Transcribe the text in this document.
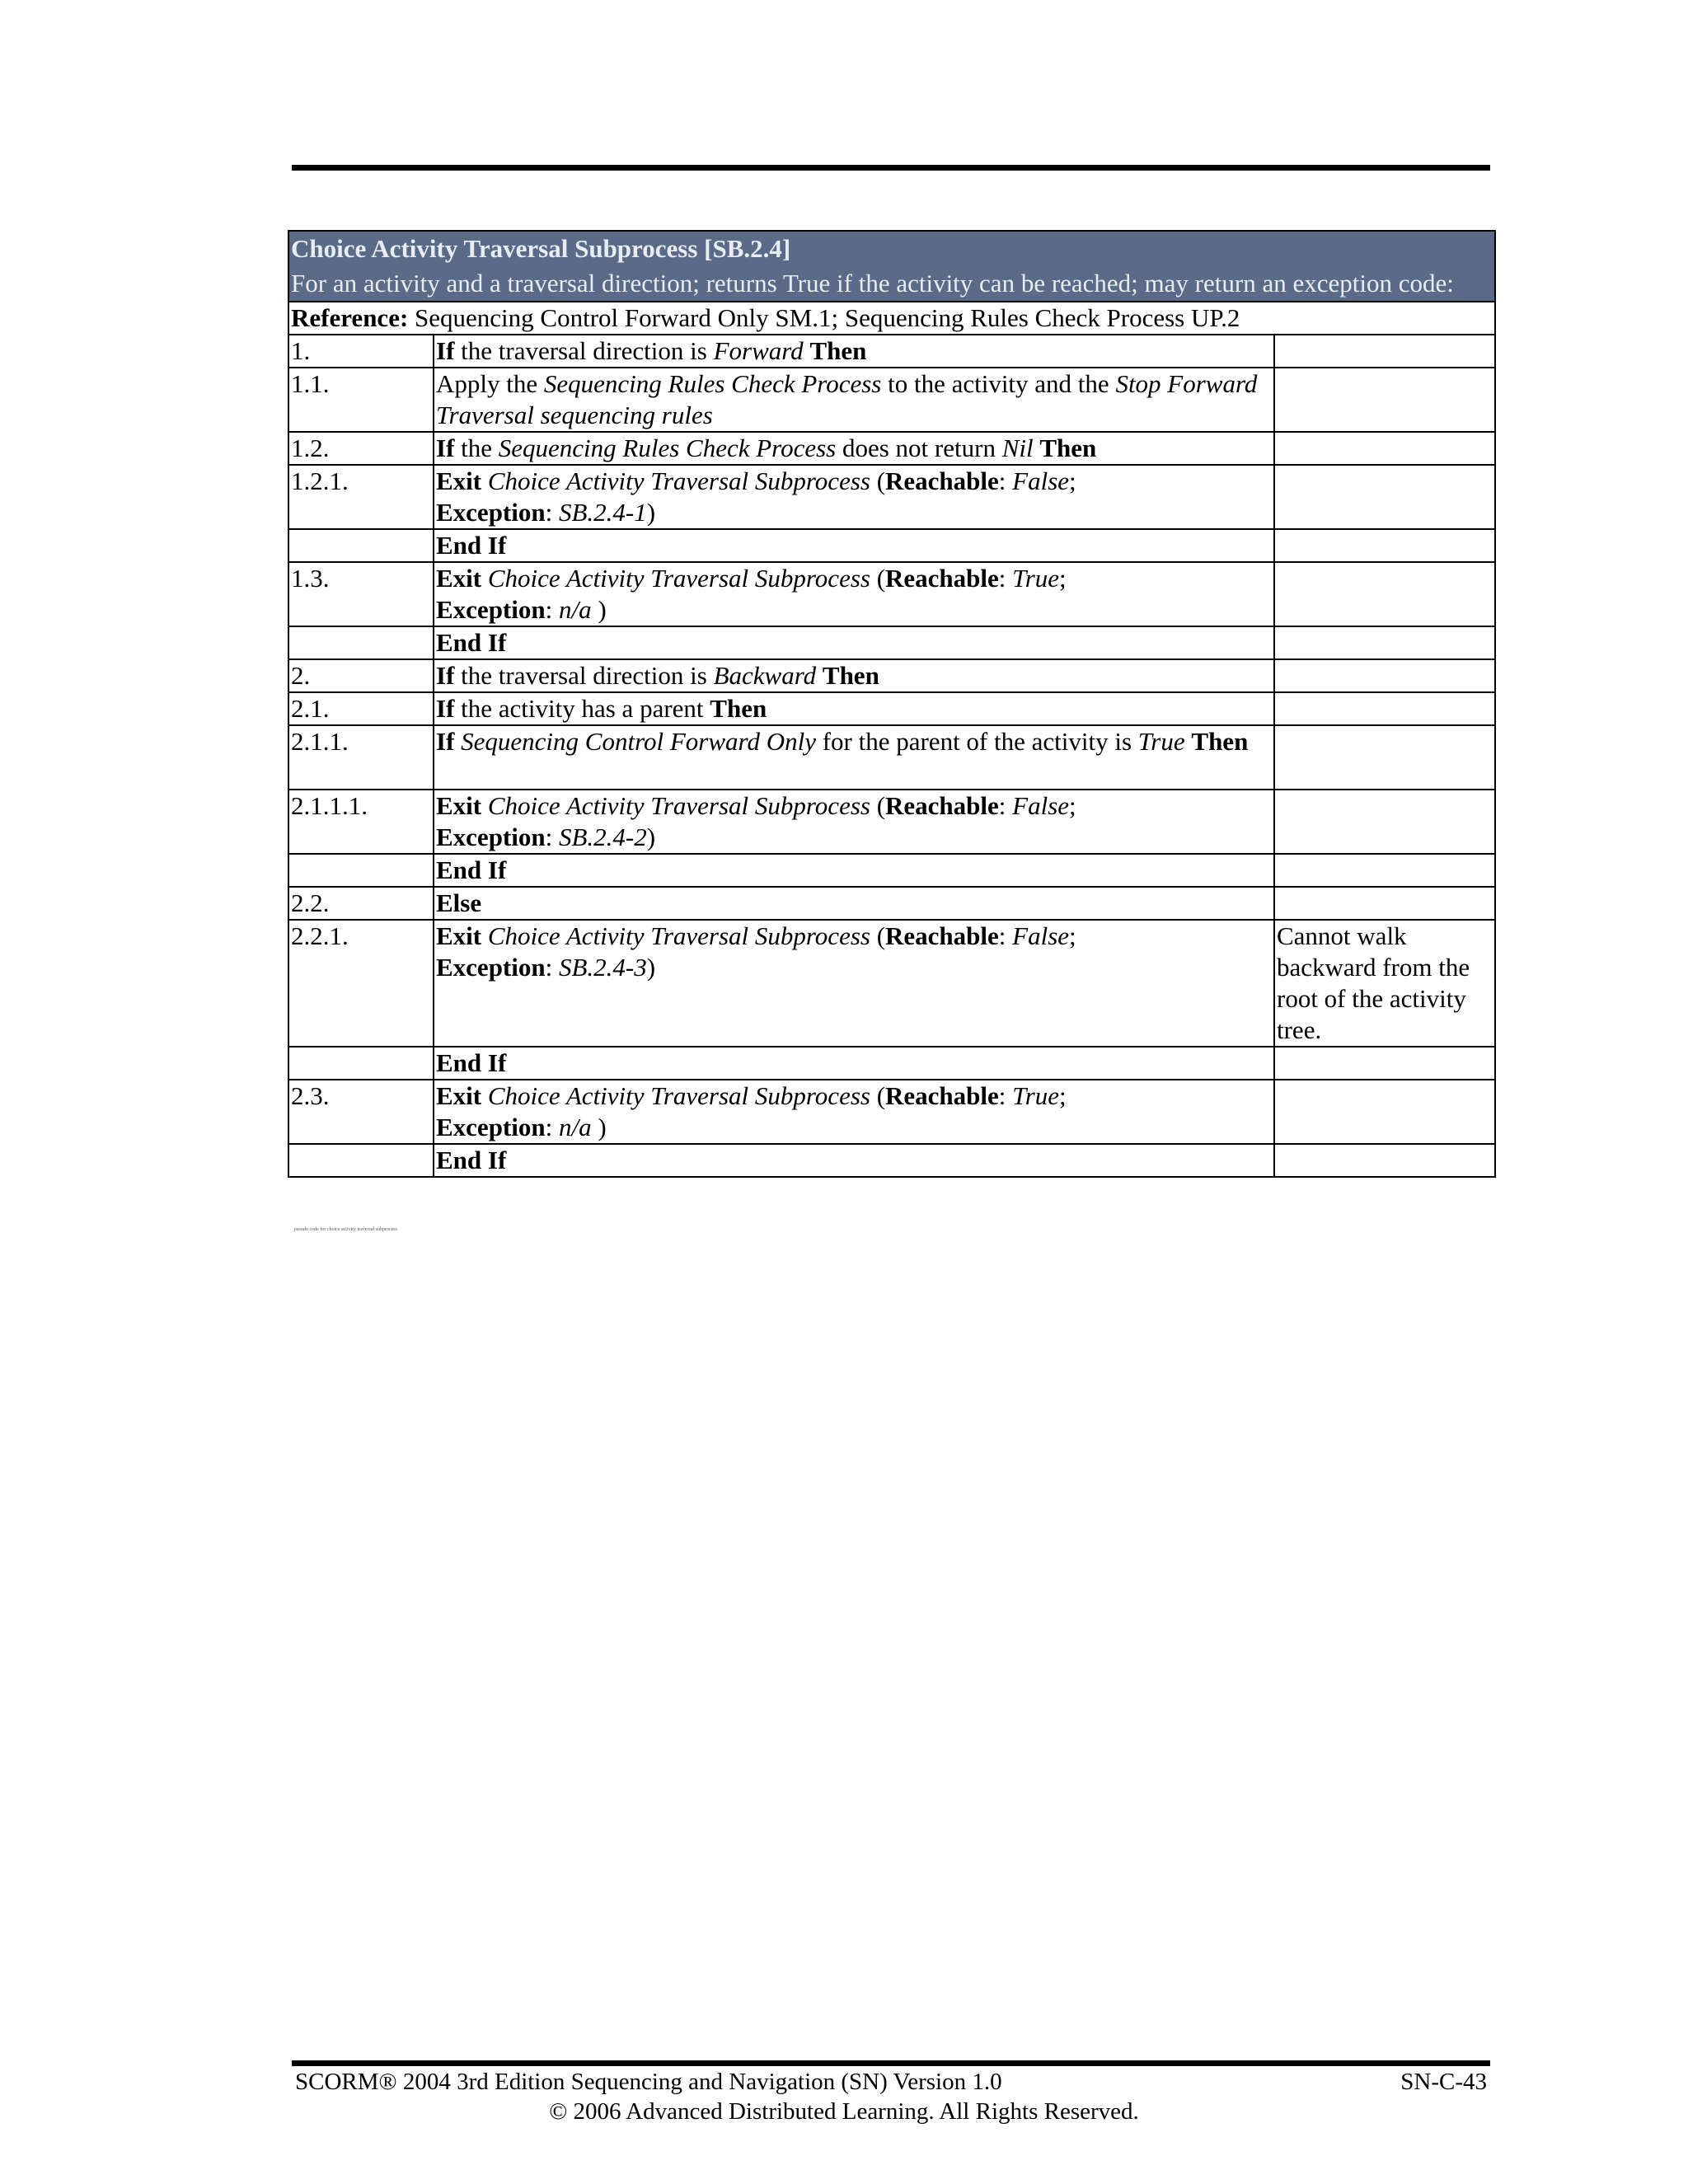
Choice Activity Traversal Subprocess [SB.2.4]
For an activity and a traversal direction; returns True if the activity can be reached; may return an exception code:		

Reference: Sequencing Control Forward Only SM.1; Sequencing Rules Check Process UP.2		
1.	If the traversal direction is Forward Then	
1.1.	Apply the Sequencing Rules Check Process to the activity and the Stop Forward Traversal sequencing rules	
1.2.	If the Sequencing Rules Check Process does not return Nil Then	
1.2.1.	Exit Choice Activity Traversal Subprocess (Reachable: False;
Exception: SB.2.4-1)	
	End If	
1.3.	Exit Choice Activity Traversal Subprocess (Reachable: True;
Exception: n/a )	
	End If	
2.	If the traversal direction is Backward Then	
2.1.	If the activity has a parent Then	
2.1.1.	If Sequencing Control Forward Only for the parent of the activity is True Then	
2.1.1.1.	Exit Choice Activity Traversal Subprocess (Reachable: False;
Exception: SB.2.4-2)	
	End If	
2.2.	Else	
2.2.1.	Exit Choice Activity Traversal Subprocess (Reachable: False;
Exception: SB.2.4-3)	Cannot walk backward from the root of the activity tree.
	End If	
2.3.	Exit Choice Activity Traversal Subprocess (Reachable: True;
Exception: n/a )	
	End If	
pseudo code for choice activity traversal subprocess
SCORM® 2004 3rd Edition Sequencing and Navigation (SN) Version 1.0	SN-C-43
© 2006 Advanced Distributed Learning. All Rights Reserved.
